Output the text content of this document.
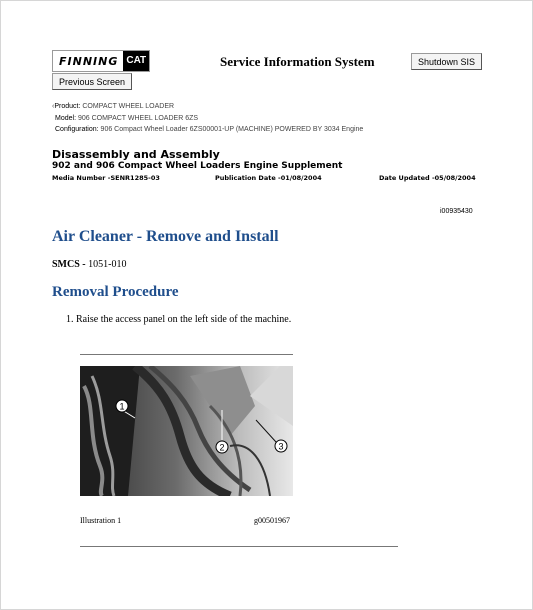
FINNING CAT	Service Information System	Shutdown SIS
Previous Screen
‹Product: COMPACT WHEEL LOADER
Model: 906 COMPACT WHEEL LOADER 6ZS
Configuration: 906 Compact Wheel Loader 6ZS00001-UP (MACHINE) POWERED BY 3034 Engine
Disassembly and Assembly
902 and 906 Compact Wheel Loaders Engine Supplement
Media Number -SENR1285-03	Publication Date -01/08/2004	Date Updated -05/08/2004
i00935430
Air Cleaner - Remove and Install
SMCS - 1051-010
Removal Procedure
1. Raise the access panel on the left side of the machine.
1
2	3
Illustration 1	g00501967
